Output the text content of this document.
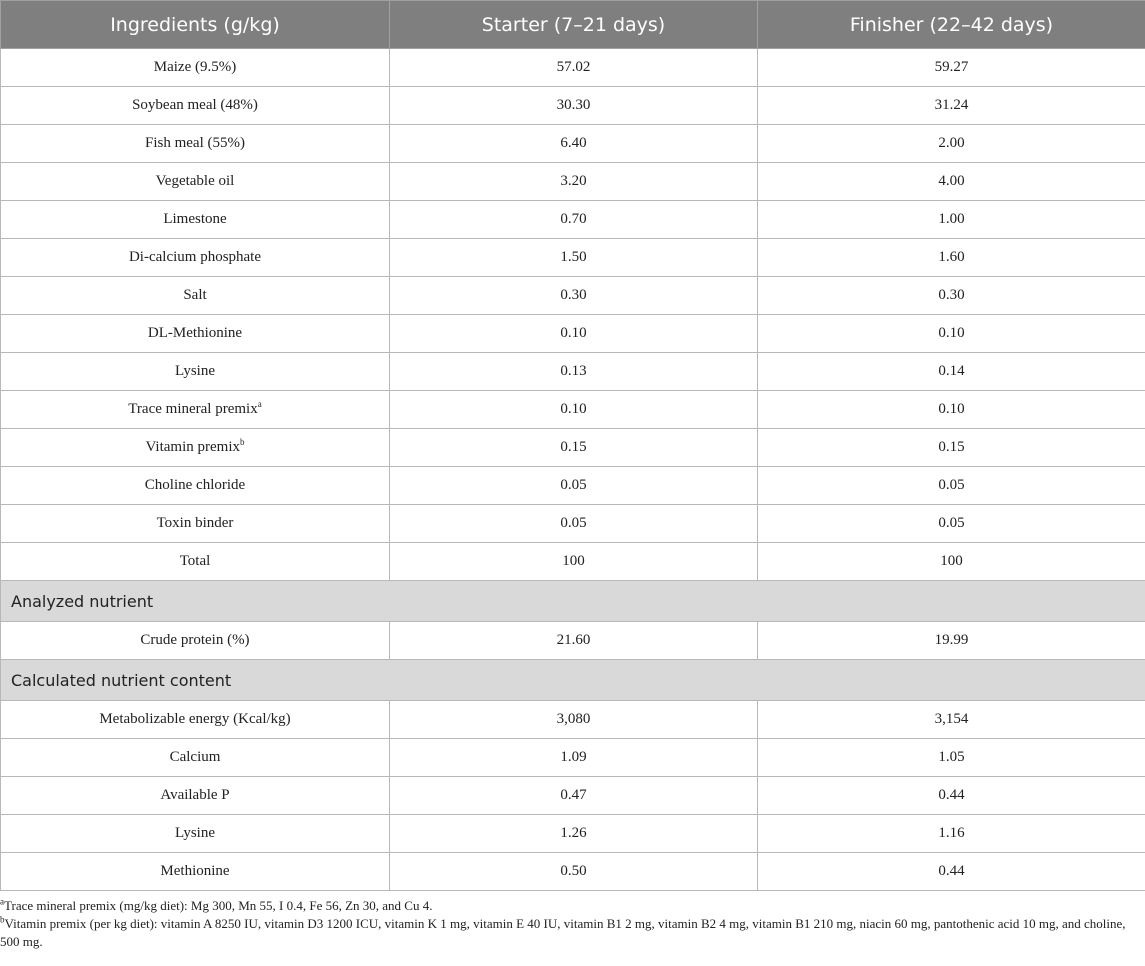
Ingredients (g/kg)	Starter (7–21 days)	Finisher (22–42 days)
Maize (9.5%)	57.02	59.27
Soybean meal (48%)	30.30	31.24
Fish meal (55%)	6.40	2.00
Vegetable oil	3.20	4.00
Limestone	0.70	1.00
Di-calcium phosphate	1.50	1.60
Salt	0.30	0.30
DL-Methionine	0.10	0.10
Lysine	0.13	0.14
Trace mineral premix$^a$	0.10	0.10
Vitamin premix$^b$	0.15	0.15
Choline chloride	0.05	0.05
Toxin binder	0.05	0.05
Total	100	100
Analyzed nutrient		
Crude protein (%)	21.60	19.99
Calculated nutrient content		
Metabolizable energy (Kcal/kg)	3,080	3,154
Calcium	1.09	1.05
Available P	0.47	0.44
Lysine	1.26	1.16
Methionine	0.50	0.44

$^a$Trace mineral premix (mg/kg diet): Mg 300, Mn 55, I 0.4, Fe 56, Zn 30, and Cu 4.

$^b$Vitamin premix (per kg diet): vitamin A 8250 IU, vitamin D3 1200 ICU, vitamin K 1 mg, vitamin E 40 IU, vitamin B1 2 mg, vitamin B2 4 mg, vitamin B1 210 mg, niacin 60 mg, pantothenic acid 10 mg, and choline, 500 mg.
